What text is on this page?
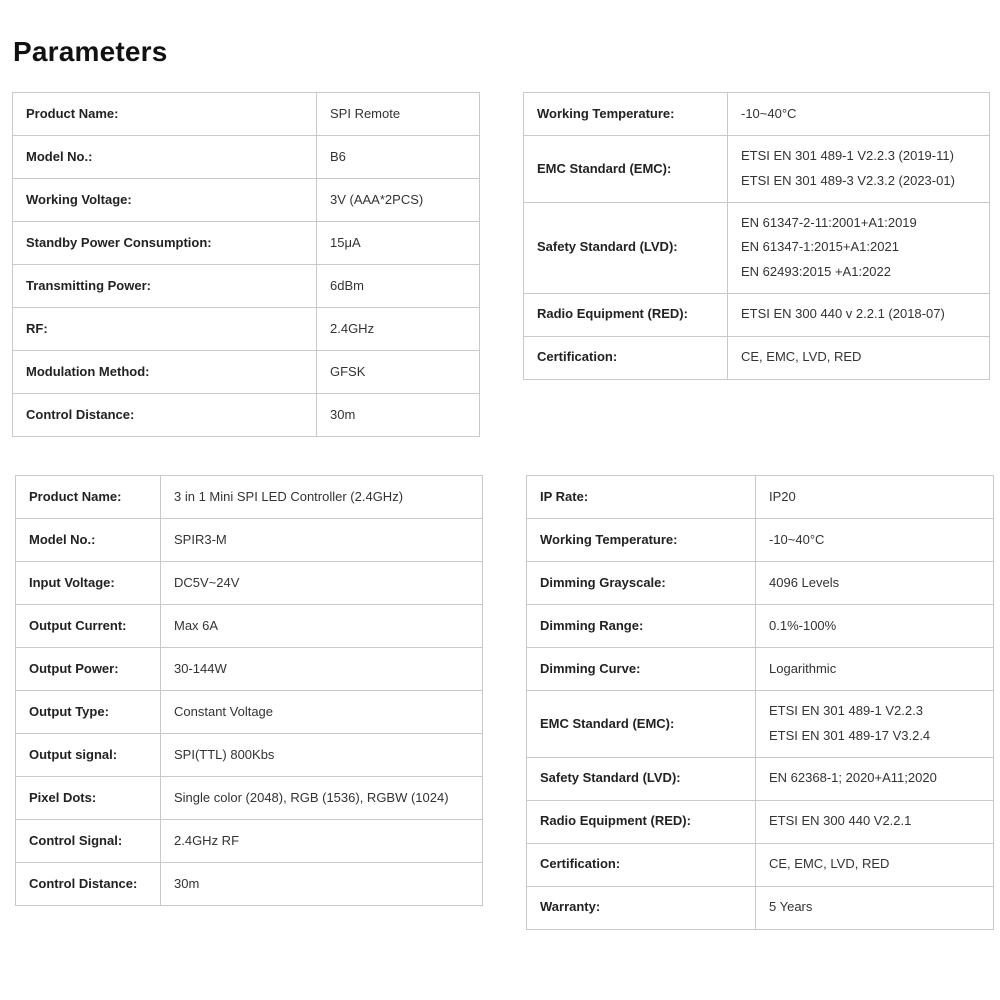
Parameters
Product Name:	SPI Remote

Model No.:	B6

Working Voltage:	3V (AAA*2PCS)

Standby Power Consumption:	15μA

Transmitting Power:	6dBm

RF:	2.4GHz

Modulation Method:	GFSK

Control Distance:	30m
Working Temperature:	-10~40°C

EMC Standard (EMC):	ETSI EN 301 489-1 V2.2.3 (2019-11)
ETSI EN 301 489-3 V2.3.2 (2023-01)

Safety Standard (LVD):	EN 61347-2-11:2001+A1:2019
EN 61347-1:2015+A1:2021
EN 62493:2015 +A1:2022

Radio Equipment (RED):	ETSI EN 300 440 v 2.2.1 (2018-07)

Certification:	CE, EMC, LVD, RED
Product Name:	3 in 1 Mini SPI LED Controller (2.4GHz)

Model No.:	SPIR3-M

Input Voltage:	DC5V~24V

Output Current:	Max 6A

Output Power:	30-144W

Output Type:	Constant Voltage

Output signal:	SPI(TTL) 800Kbs

Pixel Dots:	Single color (2048), RGB (1536), RGBW (1024)

Control Signal:	2.4GHz RF

Control Distance:	30m
IP Rate:	IP20

Working Temperature:	-10~40°C

Dimming Grayscale:	4096 Levels

Dimming Range:	0.1%-100%

Dimming Curve:	Logarithmic

EMC Standard (EMC):	ETSI EN 301 489-1 V2.2.3
ETSI EN 301 489-17 V3.2.4

Safety Standard (LVD):	EN 62368-1; 2020+A11;2020

Radio Equipment (RED):	ETSI EN 300 440 V2.2.1

Certification:	CE, EMC, LVD, RED

Warranty:	5 Years
